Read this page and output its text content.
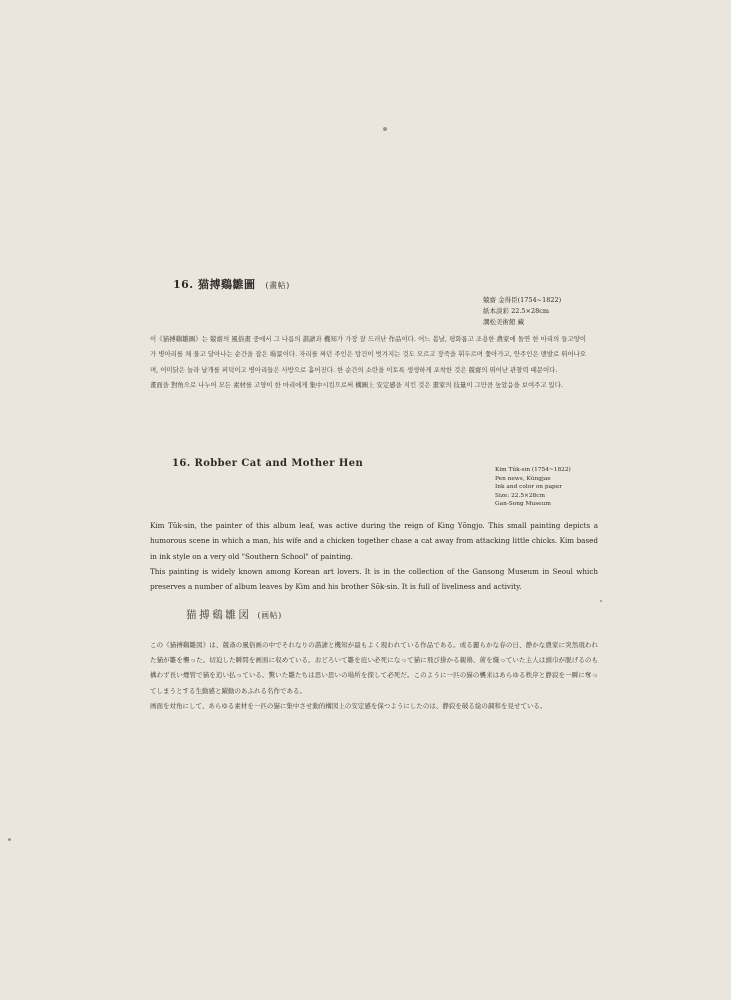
16. 猫搏鷄雛圖 (畫帖)
兢齋 金得臣(1754~1822)
紙本淡彩 22.5×28cm
澗松美術館 藏

이《猫搏鷄雛圖》는 兢齋의 風俗畫 중에서 그 나름의 諧謔과 機知가 가장 잘 드러난 作品이다. 어느 봄날, 평화롭고 조용한 農家에 돌연 한 마리의 들고양이가 병아리를 채 물고 달아나는 순간을 잡은 場景이다. 자리를 짜던 주인은 탕건이 벗겨지는 것도 모르고 장죽을 휘두르며 쫓아가고, 안주인은 맨발로 뛰어나오며, 어미닭은 놀라 날개를 퍼덕이고 병아리들은 사방으로 흩어진다. 한 순간의 소란을 이토록 생생하게 포착한 것은 兢齋의 뛰어난 관찰력 때문이다.

畫面을 對角으로 나누어 모든 素材를 고양이 한 마리에게 集中시킴으로써 構圖上 安定感을 지킨 것은 畫家의 技量이 그만큼 높았음을 보여주고 있다.

16. Robber Cat and Mother Hen
Kim Tŭk-sin (1754~1822)
Pen news, Kŭngjae
Ink and color on paper
Size: 22.5×28cm
Gan-Song Museum

Kim Tŭk-sin, the painter of this album leaf, was active during the reign of King Yŏngjo. This small painting depicts a humorous scene in which a man, his wife and a chicken together chase a cat away from attacking little chicks. Kim based in ink style on a very old "Southern School" of painting.

This painting is widely known among Korean art lovers. It is in the collection of the Gansong Museum in Seoul which preserves a number of album leaves by Kim and his brother Sŏk-sin. It is full of liveliness and activity.

猫搏鷄雛図 (画帖)

この《猫搏鷄雛図》は、兢斎の風俗画の中でそれなりの諧謔と機知が最もよく現われている作品である。或る麗らかな春の日、静かな農家に突然現われた猫が雛を襲った。切迫した瞬間を画面に収めている。おどろいて雛を庇い必死になって猫に飛び掛かる親鶏、蓆を織っていた主人は頭巾が脱げるのも構わず長い煙管で猫を追い払っている。驚いた雛たちは思い思いの場所を探して必死だ。このように一匹の猫の襲来はあらゆる秩序と静寂を一瞬に奪ってしまうとする生動感と躍動のあふれる名作である。

画面を対角にして、あらゆる素材を一匹の猫に集中させ動的構図上の安定感を保つようにしたのは、静寂を破る絵の調和を見せている。
